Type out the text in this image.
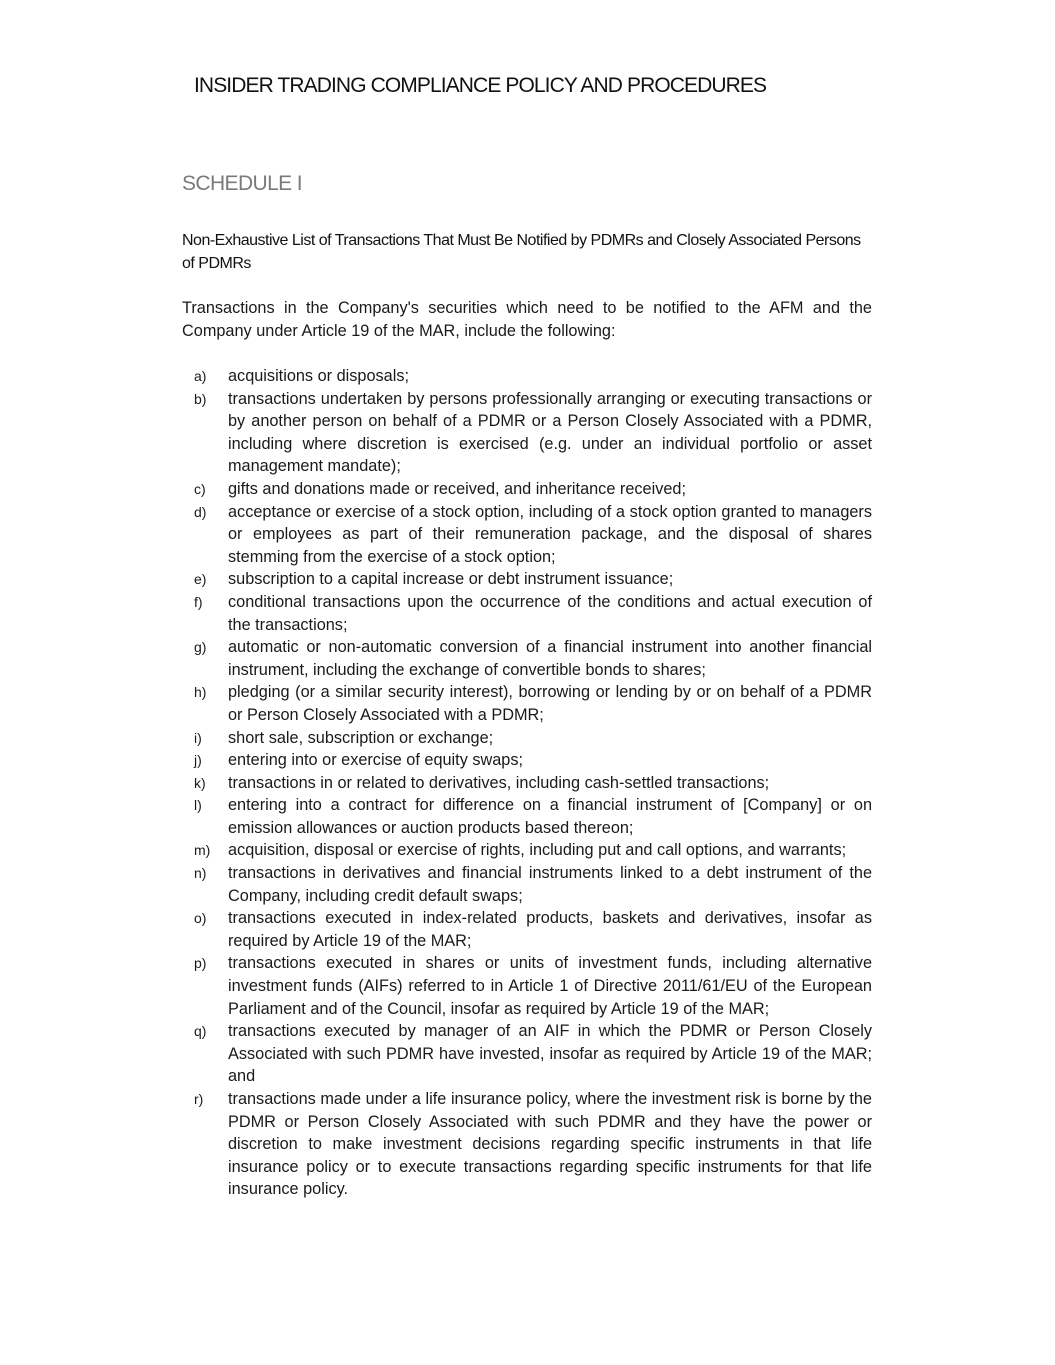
INSIDER TRADING COMPLIANCE POLICY AND PROCEDURES
SCHEDULE I
Non-Exhaustive List of Transactions That Must Be Notified by PDMRs and Closely Associated Persons of PDMRs
Transactions in the Company's securities which need to be notified to the AFM and the Company under Article 19 of the MAR, include the following:
a)	acquisitions or disposals;
b)	transactions undertaken by persons professionally arranging or executing transactions or by another person on behalf of a PDMR or a Person Closely Associated with a PDMR, including where discretion is exercised (e.g. under an individual portfolio or asset management mandate);
c)	gifts and donations made or received, and inheritance received;
d)	acceptance or exercise of a stock option, including of a stock option granted to managers or employees as part of their remuneration package, and the disposal of shares stemming from the exercise of a stock option;
e)	subscription to a capital increase or debt instrument issuance;
f)	conditional transactions upon the occurrence of the conditions and actual execution of the transactions;
g)	automatic or non-automatic conversion of a financial instrument into another financial instrument, including the exchange of convertible bonds to shares;
h)	pledging (or a similar security interest), borrowing or lending by or on behalf of a PDMR or Person Closely Associated with a PDMR;
i)	short sale, subscription or exchange;
j)	entering into or exercise of equity swaps;
k)	transactions in or related to derivatives, including cash-settled transactions;
l)	entering into a contract for difference on a financial instrument of [Company] or on emission allowances or auction products based thereon;
m)	acquisition, disposal or exercise of rights, including put and call options, and warrants;
n)	transactions in derivatives and financial instruments linked to a debt instrument of the Company, including credit default swaps;
o)	transactions executed in index-related products, baskets and derivatives, insofar as required by Article 19 of the MAR;
p)	transactions executed in shares or units of investment funds, including alternative investment funds (AIFs) referred to in Article 1 of Directive 2011/61/EU of the European Parliament and of the Council, insofar as required by Article 19 of the MAR;
q)	transactions executed by manager of an AIF in which the PDMR or Person Closely Associated with such PDMR have invested, insofar as required by Article 19 of the MAR; and
r)	transactions made under a life insurance policy, where the investment risk is borne by the PDMR or Person Closely Associated with such PDMR and they have the power or discretion to make investment decisions regarding specific instruments in that life insurance policy or to execute transactions regarding specific instruments for that life insurance policy.
